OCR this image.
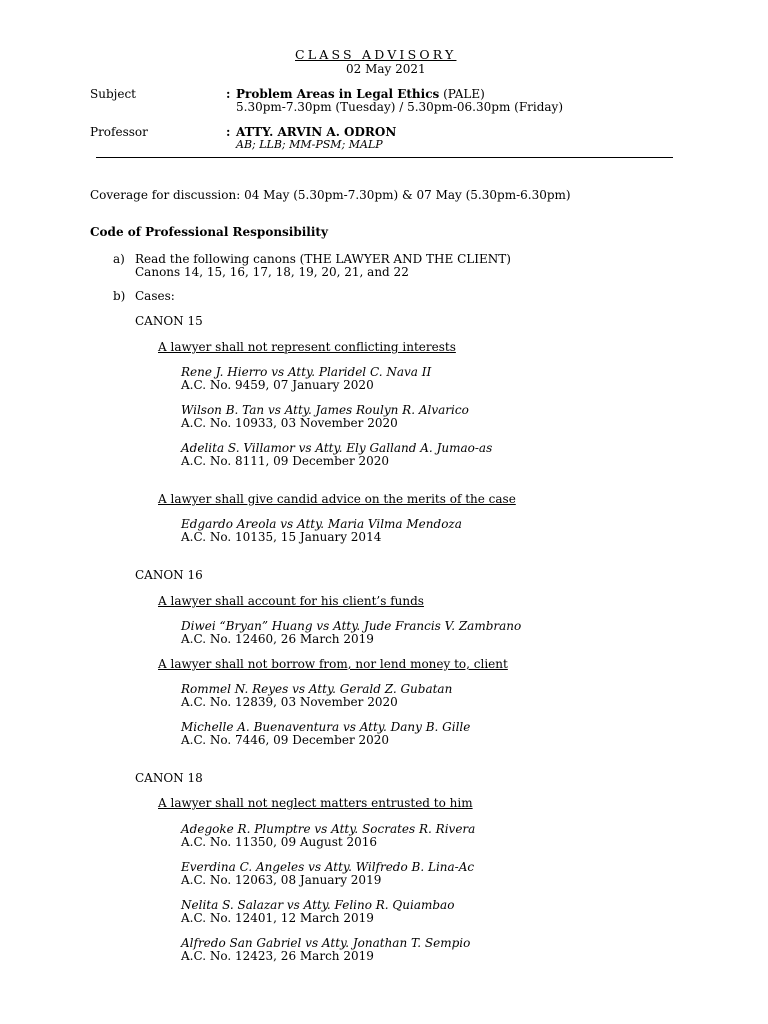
CLASS ADVISORY
02 May 2021
Subject	: Problem Areas in Legal Ethics (PALE)
5.30pm-7.30pm (Tuesday) / 5.30pm-06.30pm (Friday)
Professor	: ATTY. ARVIN A. ODRON
AB; LLB; MM-PSM; MALP
Coverage for discussion: 04 May (5.30pm-7.30pm) & 07 May (5.30pm-6.30pm)
Code of Professional Responsibility
a) Read the following canons (THE LAWYER AND THE CLIENT)
Canons 14, 15, 16, 17, 18, 19, 20, 21, and 22
b) Cases:
CANON 15
A lawyer shall not represent conflicting interests
Rene J. Hierro vs Atty. Plaridel C. Nava II
A.C. No. 9459, 07 January 2020
Wilson B. Tan vs Atty. James Roulyn R. Alvarico
A.C. No. 10933, 03 November 2020
Adelita S. Villamor vs Atty. Ely Galland A. Jumao-as
A.C. No. 8111, 09 December 2020
A lawyer shall give candid advice on the merits of the case
Edgardo Areola vs Atty. Maria Vilma Mendoza
A.C. No. 10135, 15 January 2014
CANON 16
A lawyer shall account for his client’s funds
Diwei “Bryan” Huang vs Atty. Jude Francis V. Zambrano
A.C. No. 12460, 26 March 2019
A lawyer shall not borrow from, nor lend money to, client
Rommel N. Reyes vs Atty. Gerald Z. Gubatan
A.C. No. 12839, 03 November 2020
Michelle A. Buenaventura vs Atty. Dany B. Gille
A.C. No. 7446, 09 December 2020
CANON 18
A lawyer shall not neglect matters entrusted to him
Adegoke R. Plumptre vs Atty. Socrates R. Rivera
A.C. No. 11350, 09 August 2016
Everdina C. Angeles vs Atty. Wilfredo B. Lina-Ac
A.C. No. 12063, 08 January 2019
Nelita S. Salazar vs Atty. Felino R. Quiambao
A.C. No. 12401, 12 March 2019
Alfredo San Gabriel vs Atty. Jonathan T. Sempio
A.C. No. 12423, 26 March 2019
